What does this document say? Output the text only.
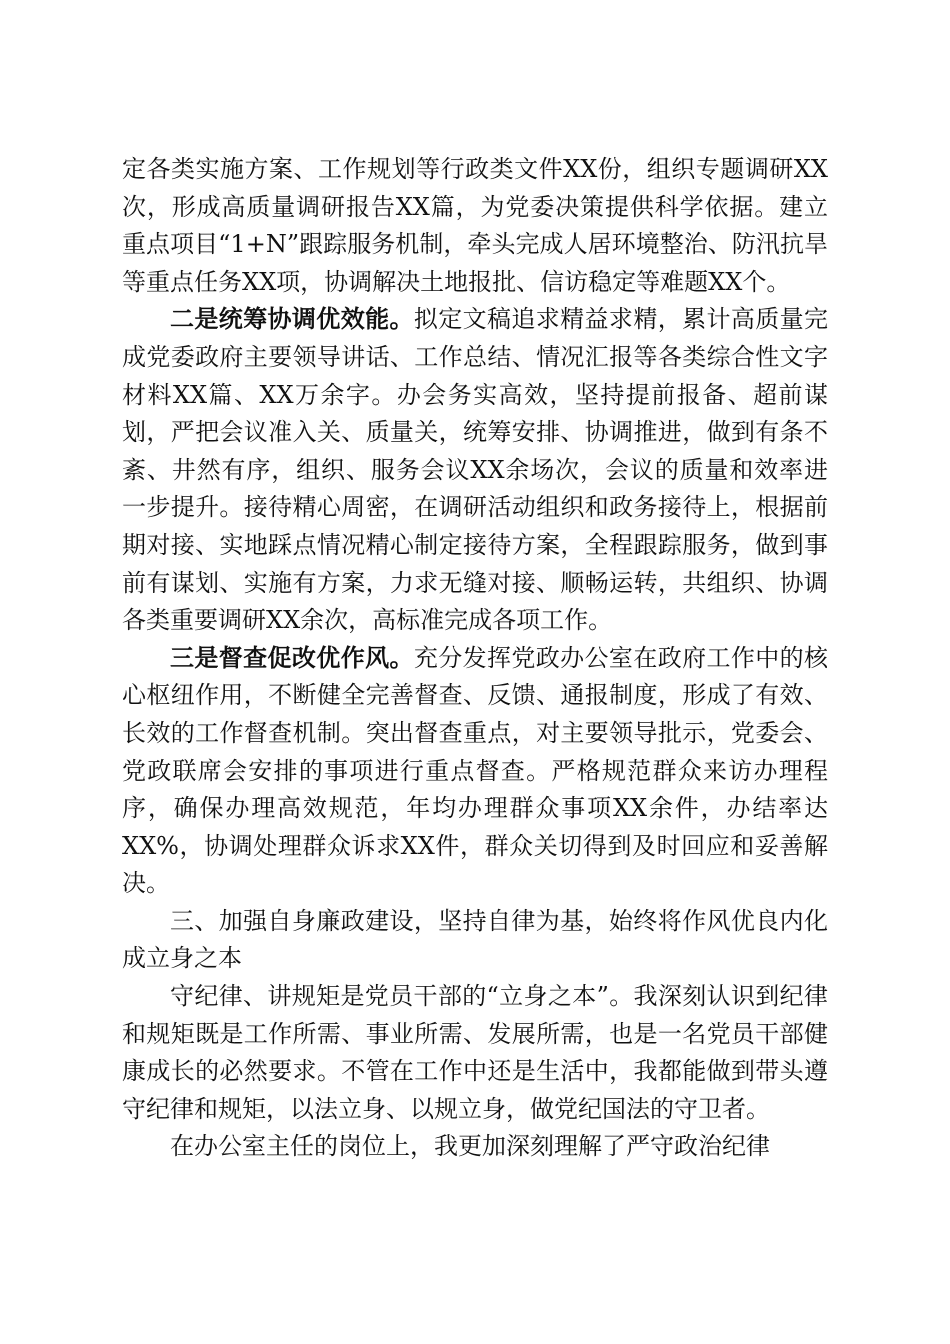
定各类实施方案、工作规划等行政类文件XX份，组织专题调研XX次，形成高质量调研报告XX篇，为党委决策提供科学依据。建立重点项目“1+N”跟踪服务机制，牵头完成人居环境整治、防汛抗旱等重点任务XX项，协调解决土地报批、信访稳定等难题XX个。

二是统筹协调优效能。拟定文稿追求精益求精，累计高质量完成党委政府主要领导讲话、工作总结、情况汇报等各类综合性文字材料XX篇、XX万余字。办会务实高效，坚持提前报备、超前谋划，严把会议准入关、质量关，统筹安排、协调推进，做到有条不紊、井然有序，组织、服务会议XX余场次，会议的质量和效率进一步提升。接待精心周密，在调研活动组织和政务接待上，根据前期对接、实地踩点情况精心制定接待方案，全程跟踪服务，做到事前有谋划、实施有方案，力求无缝对接、顺畅运转，共组织、协调各类重要调研XX余次，高标准完成各项工作。

三是督查促改优作风。充分发挥党政办公室在政府工作中的核心枢纽作用，不断健全完善督查、反馈、通报制度，形成了有效、长效的工作督查机制。突出督查重点，对主要领导批示，党委会、党政联席会安排的事项进行重点督查。严格规范群众来访办理程序，确保办理高效规范，年均办理群众事项XX余件，办结率达XX%，协调处理群众诉求XX件，群众关切得到及时回应和妥善解决。

三、加强自身廉政建设，坚持自律为基，始终将作风优良内化成立身之本

守纪律、讲规矩是党员干部的“立身之本”。我深刻认识到纪律和规矩既是工作所需、事业所需、发展所需，也是一名党员干部健康成长的必然要求。不管在工作中还是生活中，我都能做到带头遵守纪律和规矩，以法立身、以规立身，做党纪国法的守卫者。

在办公室主任的岗位上，我更加深刻理解了严守政治纪律
